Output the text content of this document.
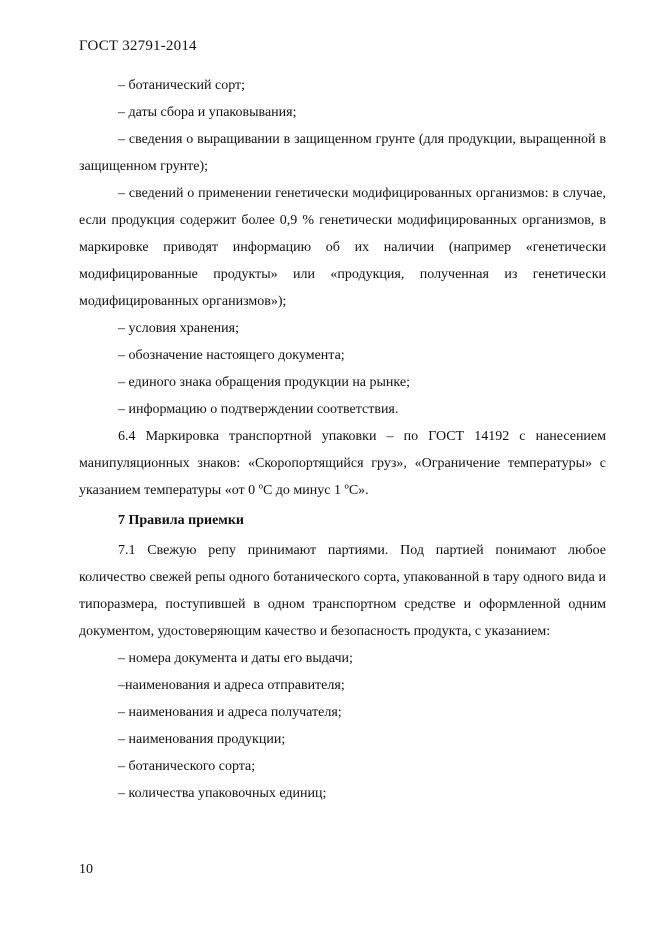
ГОСТ 32791-2014

– ботанический сорт;

– даты сбора и упаковывания;

– сведения о выращивании в защищенном грунте (для продукции, выращенной в защищенном грунте);

– сведений о применении генетически модифицированных организмов: в случае, если продукция содержит более 0,9 % генетически модифицированных организмов, в маркировке приводят информацию об их наличии (например «генетически модифицированные продукты» или «продукция, полученная из генетически модифицированных организмов»);

– условия хранения;

– обозначение настоящего документа;

– единого знака обращения продукции на рынке;

– информацию о подтверждении соответствия.

6.4 Маркировка транспортной упаковки – по ГОСТ 14192 с нанесением манипуляционных знаков: «Скоропортящийся груз», «Ограничение температуры» с указанием температуры «от 0 ºС до минус 1 ºС».

7 Правила приемки

7.1 Свежую репу принимают партиями. Под партией понимают любое количество свежей репы одного ботанического сорта, упакованной в тару одного вида и типоразмера, поступившей в одном транспортном средстве и оформленной одним документом, удостоверяющим качество и безопасность продукта, с указанием:

– номера документа и даты его выдачи;

–наименования и адреса отправителя;

– наименования и адреса получателя;

– наименования продукции;

– ботанического сорта;

– количества упаковочных единиц;

10
